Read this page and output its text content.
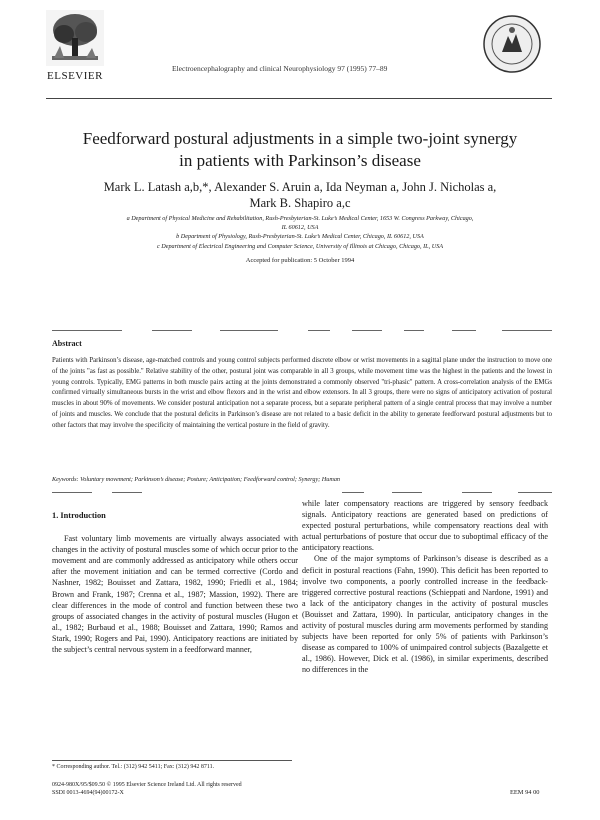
ELSEVIER
Electroencephalography and clinical Neurophysiology 97 (1995) 77–89
Feedforward postural adjustments in a simple two-joint synergy
in patients with Parkinson’s disease
Mark L. Latash a,b,*, Alexander S. Aruin a, Ida Neyman a, John J. Nicholas a,
Mark B. Shapiro a,c
a Department of Physical Medicine and Rehabilitation, Rush-Presbyterian-St. Luke’s Medical Center, 1653 W. Congress Parkway, Chicago,
IL 60612, USA
b Department of Physiology, Rush-Presbyterian-St. Luke’s Medical Center, Chicago, IL 60612, USA
c Department of Electrical Engineering and Computer Science, University of Illinois at Chicago, Chicago, IL, USA
Accepted for publication: 5 October 1994
Abstract
Patients with Parkinson’s disease, age-matched controls and young control subjects performed discrete elbow or wrist movements in a sagittal plane under the instruction to move one of the joints "as fast as possible." Relative stability of the other, postural joint was comparable in all 3 groups, while movement time was the highest in the patients and the lowest in young controls. Typically, EMG patterns in both muscle pairs acting at the joints demonstrated a commonly observed "tri-phasic" pattern. A cross-correlation analysis of the EMGs confirmed virtually simultaneous bursts in the wrist and elbow flexors and in the wrist and elbow extensors. In all 3 groups, there were no signs of anticipatory activation of postural muscles in about 90% of movements. We consider postural anticipation not a separate process, but a separate peripheral pattern of a single central process that may involve a number of joints and muscles. We conclude that the postural deficits in Parkinson’s disease are not related to a basic deficit in the ability to generate feedforward postural adjustments but to other factors that may involve the specificity of maintaining the vertical posture in the field of gravity.
Keywords: Voluntary movement; Parkinson’s disease; Posture; Anticipation; Feedforward control; Synergy; Human
1. Introduction

Fast voluntary limb movements are virtually always associated with changes in the activity of postural muscles some of which occur prior to the movement and are commonly addressed as anticipatory while others occur after the movement initiation and can be termed corrective (Cordo and Nashner, 1982; Bouisset and Zattara, 1982, 1990; Friedli et al., 1984; Brown and Frank, 1987; Crenna et al., 1987; Massion, 1992). There are clear differences in the mode of control and function between these two groups of associated changes in the activity of postural muscles (Hugon et al., 1982; Burbaud et al., 1988; Bouisset and Zattara, 1990; Ramos and Stark, 1990; Rogers and Pai, 1990). Anticipatory reactions are initiated by the subject’s central nervous system in a feedforward manner,

while later compensatory reactions are triggered by sensory feedback signals. Anticipatory reactions are generated based on predictions of expected postural perturbations, while compensatory reactions deal with actual perturbations of posture that occur due to suboptimal efficacy of the anticipatory reactions.

One of the major symptoms of Parkinson’s disease is described as a deficit in postural reactions (Fahn, 1990). This deficit has been reported to involve two components, a poorly controlled increase in the feedback-triggered corrective postural reactions (Schieppati and Nardone, 1991) and a lack of the anticipatory changes in the activity of postural muscles (Bouisset and Zattara, 1990). In particular, anticipatory changes in the activity of postural muscles during arm movements performed by standing subjects have been reported for only 5% of patients with Parkinson’s disease as compared to 100% of unimpaired control subjects (Bazalgette et al., 1986). However, Dick et al. (1986), in similar experiments, described no differences in the

* Corresponding author. Tel.: (312) 942 5411; Fax: (312) 942 8711.
0924-980X/95/$09.50 © 1995 Elsevier Science Ireland Ltd. All rights reserved
SSDI 0013-4694(94)00172-X	EEM 94 00
